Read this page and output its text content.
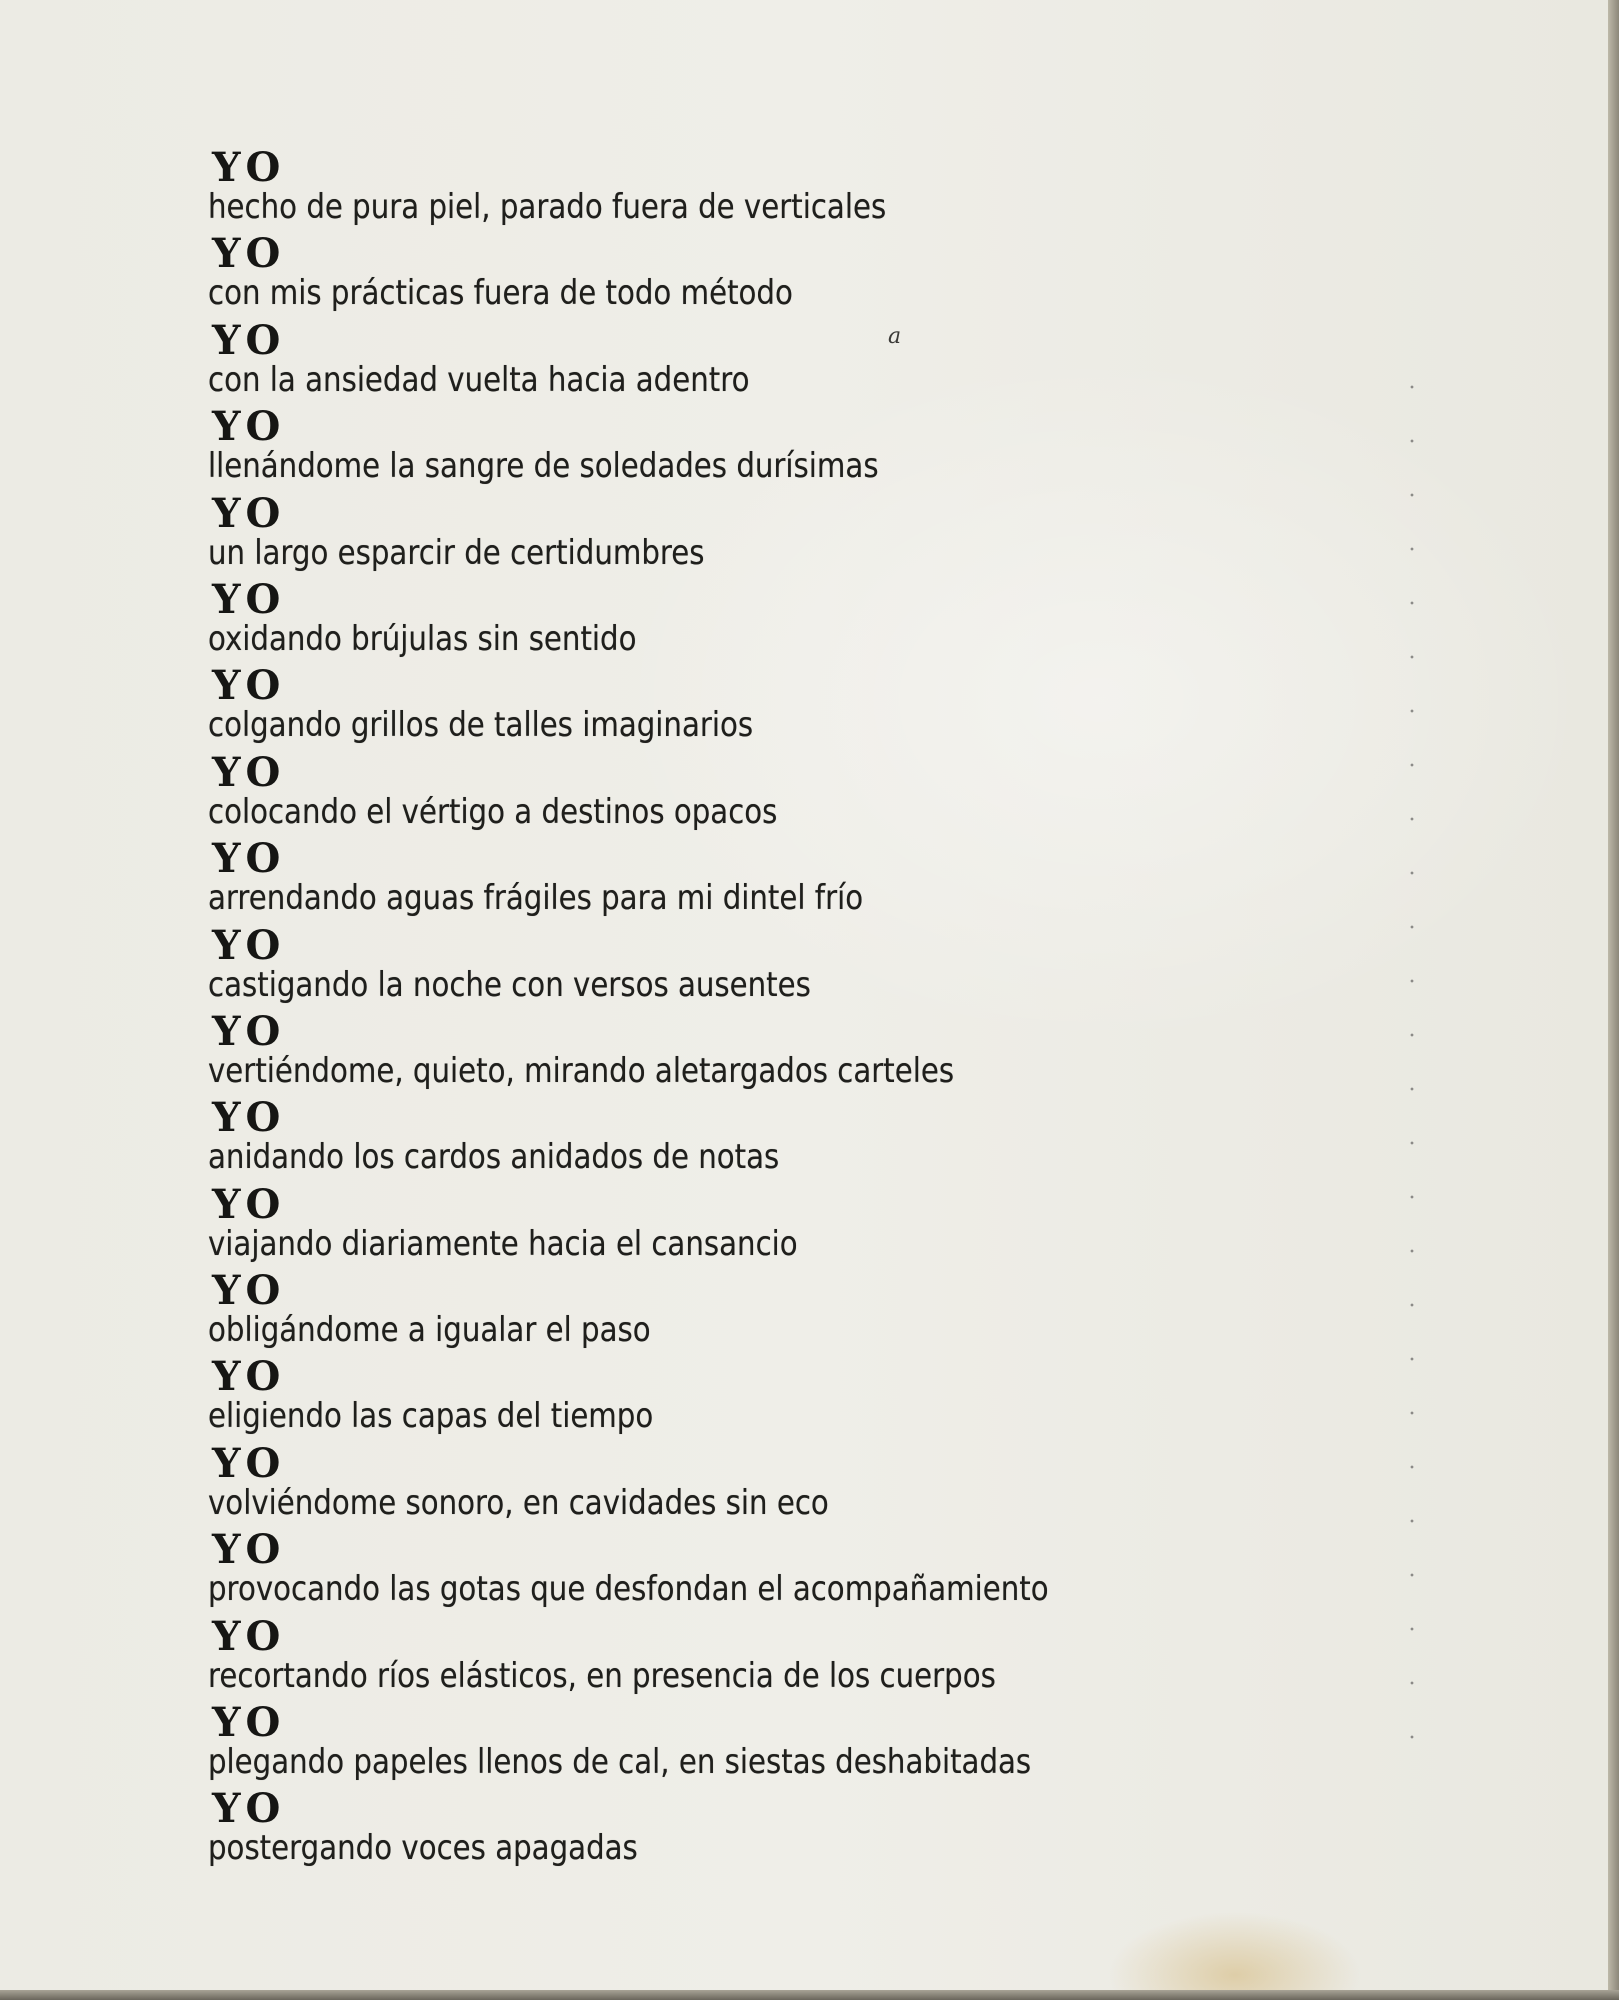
YO
hecho de pura piel, parado fuera de verticales
YO
con mis prácticas fuera de todo método
YO
con la ansiedad vuelta hacia adentro
YO
llenándome la sangre de soledades durísimas
YO
un largo esparcir de certidumbres
YO
oxidando brújulas sin sentido
YO
colgando grillos de talles imaginarios
YO
colocando el vértigo a destinos opacos
YO
arrendando aguas frágiles para mi dintel frío
YO
castigando la noche con versos ausentes
YO
vertiéndome, quieto, mirando aletargados carteles
YO
anidando los cardos anidados de notas
YO
viajando diariamente hacia el cansancio
YO
obligándome a igualar el paso
YO
eligiendo las capas del tiempo
YO
volviéndome sonoro, en cavidades sin eco
YO
provocando las gotas que desfondan el acompañamiento
YO
recortando ríos elásticos, en presencia de los cuerpos
YO
plegando papeles llenos de cal, en siestas deshabitadas
YO
postergando voces apagadas
a
